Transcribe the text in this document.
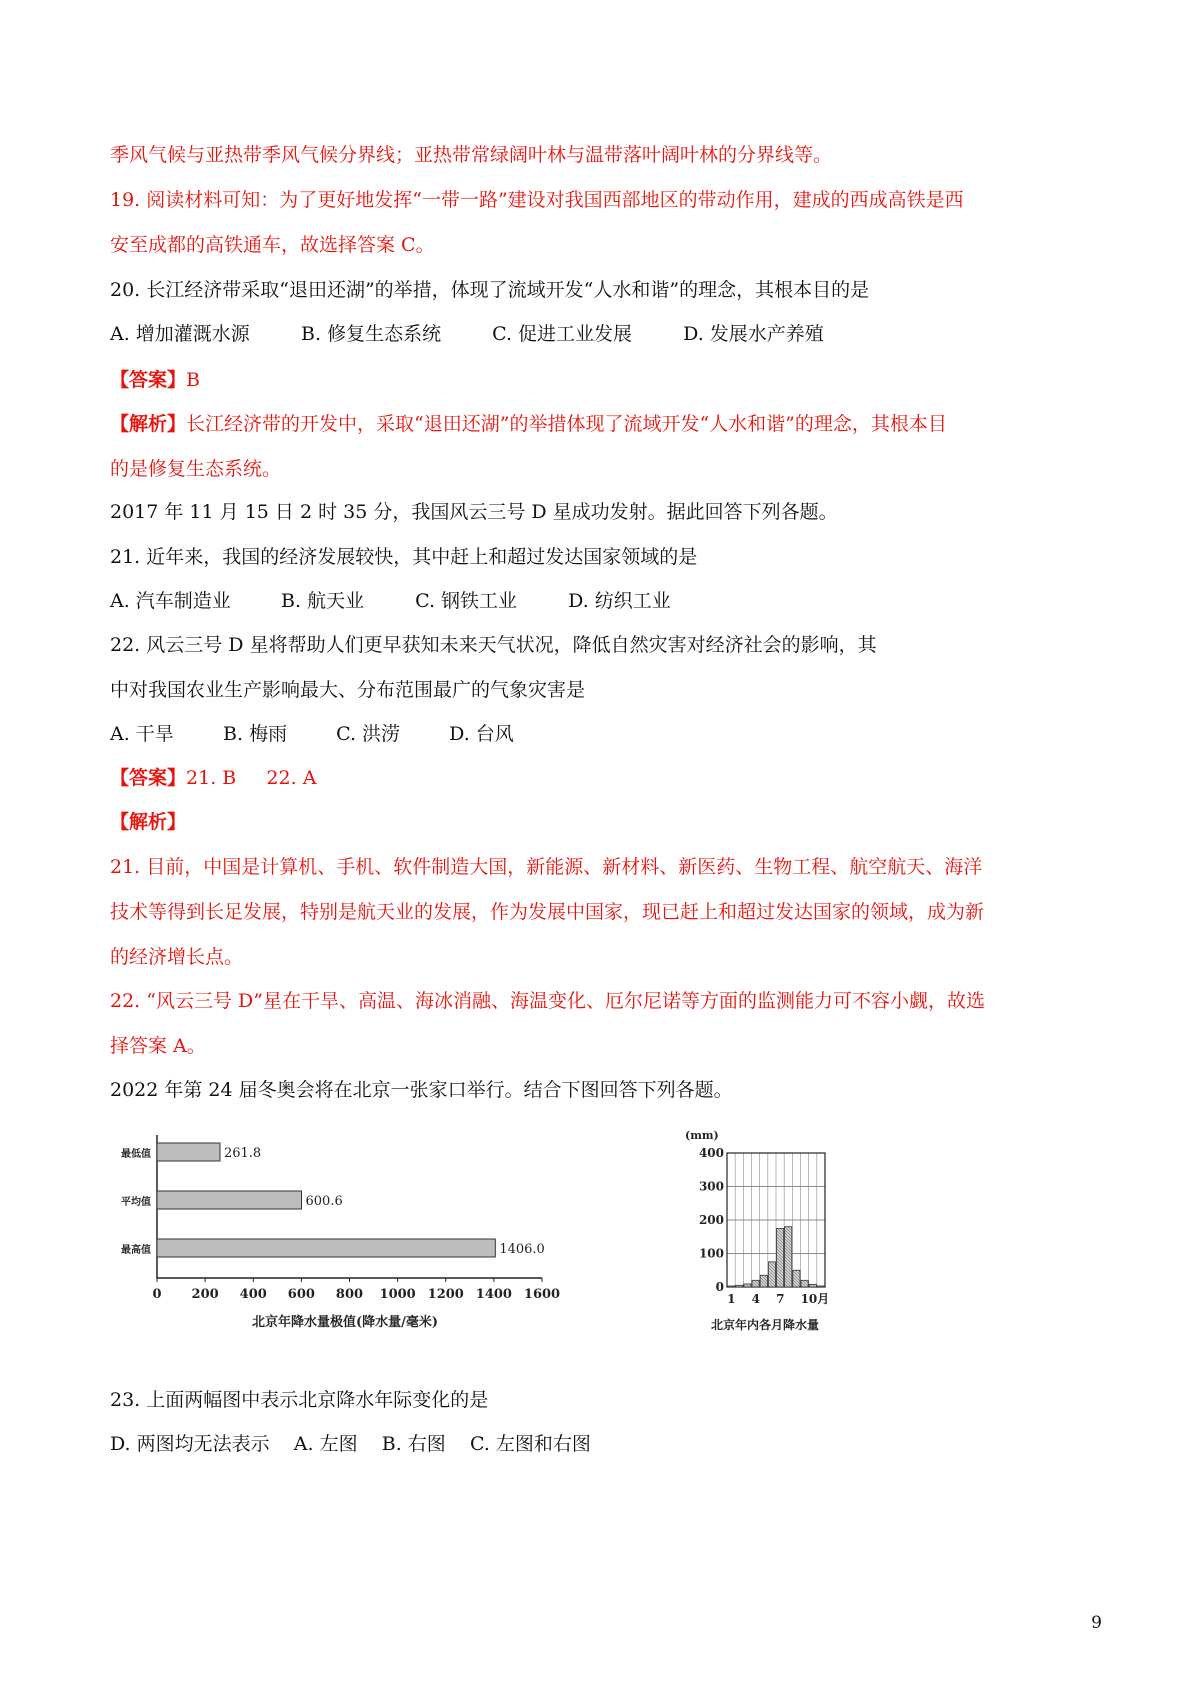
季风气候与亚热带季风气候分界线；亚热带常绿阔叶林与温带落叶阔叶林的分界线等。
19. 阅读材料可知：为了更好地发挥“一带一路”建设对我国西部地区的带动作用，建成的西成高铁是西
安至成都的高铁通车，故选择答案 C。
20. 长江经济带采取“退田还湖”的举措，体现了流域开发“人水和谐”的理念，其根本目的是
A. 增加灌溉水源	B. 修复生态系统	C. 促进工业发展	D. 发展水产养殖
【答案】B
【解析】长江经济带的开发中，采取“退田还湖”的举措体现了流域开发“人水和谐”的理念，其根本目
的是修复生态系统。
2017 年 11 月 15 日 2 时 35 分，我国风云三号 D 星成功发射。据此回答下列各题。
21. 近年来，我国的经济发展较快，其中赶上和超过发达国家领域的是
A. 汽车制造业	B. 航天业	C. 钢铁工业	D. 纺织工业
22. 风云三号 D 星将帮助人们更早获知未来天气状况，降低自然灾害对经济社会的影响，其
中对我国农业生产影响最大、分布范围最广的气象灾害是
A. 干旱	B. 梅雨	C. 洪涝	D. 台风
【答案】21. B     22. A
【解析】
21. 目前，中国是计算机、手机、软件制造大国，新能源、新材料、新医药、生物工程、航空航天、海洋
技术等得到长足发展，特别是航天业的发展，作为发展中国家，现已赶上和超过发达国家的领域，成为新
的经济增长点。
22. “风云三号 D”星在干旱、高温、海冰消融、海温变化、厄尔尼诺等方面的监测能力可不容小觑，故选
择答案 A。
2022 年第 24 届冬奥会将在北京一张家口举行。结合下图回答下列各题。
最低值	261.8
平均值	600.6
最高值	1406.0
0 200 400 600 800 1000 1200 1400 1600
北京年降水量极值(降水量/毫米)
(mm)
0
100
200
300
400
1 4 7 10月
北京年内各月降水量
23. 上面两幅图中表示北京降水年际变化的是
D. 两图均无法表示    A. 左图    B. 右图    C. 左图和右图
9
